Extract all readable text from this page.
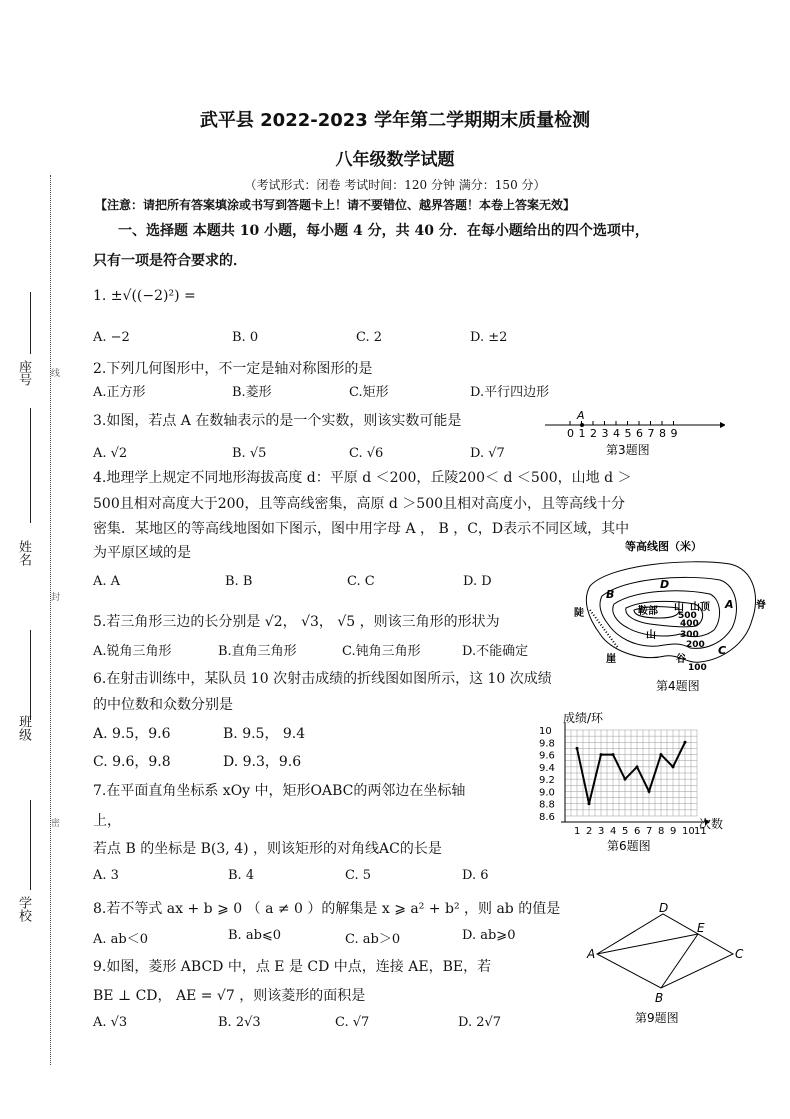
座号
姓名
班级
学校
线
封
密
武平县 2022-2023 学年第二学期期末质量检测
八年级数学试题
（考试形式：闭卷 考试时间：120 分钟 满分：150 分）
【注意：请把所有答案填涂或书写到答题卡上！请不要错位、越界答题！本卷上答案无效】
一、选择题 本题共 10 小题，每小题 4 分，共 40 分．在每小题给出的四个选项中，
只有一项是符合要求的．
1. ±√((−2)²) =
A. −2	B. 0	C. 2	D. ±2
2.下列几何图形中，不一定是轴对称图形的是
A.正方形	B.菱形	C.矩形	D.平行四边形
3.如图，若点 A 在数轴表示的是一个实数，则该实数可能是
A. √2	B. √5	C. √6	D. √7
0 1 2 3 4 5 6 7 8 9
A
第3题图
4.地理学上规定不同地形海拔高度 d：平原 d ＜200，丘陵200＜ d ＜500，山地 d ＞
500且相对高度大于200，且等高线密集，高原 d ＞500且相对高度小，且等高线十分
密集．某地区的等高线地图如下图示，图中用字母 A ， B ，C，D表示不同区域，其中
为平原区域的是
A. A	B. B	C. C	D. D
等高线图（米）
B
D
A
C
鞍部	山顶
山
陡
崖	谷
脊
山
100
200
300
400
500
第4题图
5.若三角形三边的长分别是 √2， √3， √5 ，则该三角形的形状为
A.锐角三角形	B.直角三角形	C.钝角三角形	D.不能确定
6.在射击训练中，某队员 10 次射击成绩的折线图如图所示，这 10 次成绩
的中位数和众数分别是
A. 9.5，9.6	B. 9.5， 9.4
C. 9.6，9.8	D. 9.3，9.6
8.6
8.8
9.0
9.2
9.4
9.6
9.8
10
1 2 3 4 5 6 7 8 9 10 11
成绩/环
次数
第6题图
7.在平面直角坐标系 xOy 中，矩形OABC的两邻边在坐标轴
上，
若点 B 的坐标是 B(3, 4) ，则该矩形的对角线AC的长是
A. 3	B. 4	C. 5	D. 6
8.若不等式 ax + b ⩾ 0 （ a ≠ 0 ）的解集是 x ⩾ a² + b² ，则 ab 的值是
A. ab＜0	B. ab⩽0	C. ab＞0	D. ab⩾0
9.如图，菱形 ABCD 中，点 E 是 CD 中点，连接 AE，BE，若
BE ⊥ CD， AE = √7 ，则该菱形的面积是
A. √3	B. 2√3	C. √7	D. 2√7
A
B
C
D
E
第9题图
